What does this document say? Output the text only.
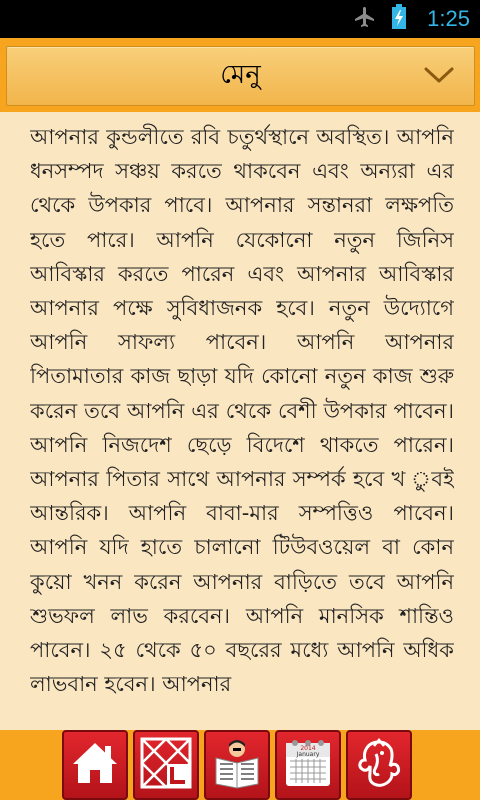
1:25
মেনু

আপনার কুন্ডলীতে রবি চতুর্থস্থানে অবস্থিত। আপনি ধনসম্পদ সঞ্চয় করতে থাকবেন এবং অন্যরা এর থেকে উপকার পাবে। আপনার সন্তানরা লক্ষপতি হতে পারে। আপনি যেকোনো নতুন জিনিস আবিস্কার করতে পারেন এবং আপনার আবিস্কার আপনার পক্ষে সুবিধাজনক হবে। নতুন উদ্যোগে আপনি সাফল্য পাবেন। আপনি আপনার পিতামাতার কাজ ছাড়া যদি কোনো নতুন কাজ শুরু করেন তবে আপনি এর থেকে বেশী উপকার পাবেন। আপনি নিজদেশ ছেড়ে বিদেশে থাকতে পারেন। আপনার পিতার সাথে আপনার সম্পর্ক হবে খ ুবই আন্তরিক। আপনি বাবা-মার সম্পত্তিও পাবেন। আপনি যদি হাতে চালানো টিউবওয়েল বা কোন কুয়ো খনন করেন আপনার বাড়িতে তবে আপনি শুভফল লাভ করবেন। আপনি মানসিক শান্তিও পাবেন। ২৫ থেকে ৫০ বছরের মধ্যে আপনি অধিক লাভবান হবেন। আপনার

2014
January
